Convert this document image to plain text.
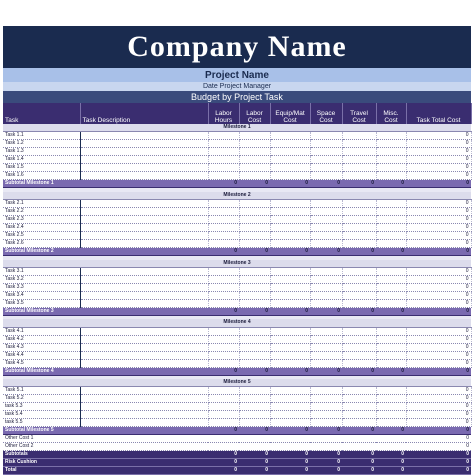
Company Name
Project Name
Date Project Manager
Budget by Project Task
Task	Task Description	Labor Hours	Labor Cost	Equip/Mat Cost	Space Cost	Travel Cost	Misc. Cost	Task Total Cost
Milestone 1								
Task 1.1								0
Task 1.2								0
Task 1.3								0
Task 1.4								0
Task 1.5								0
Task 1.6								0
Subtotal Milestone 1		0	0	0	0	0	0	0

Milestone 2								
Task 2.1								0
Task 2.2								0
Task 2.3								0
Task 2.4								0
Task 2.5								0
Task 2.6								0
Subtotal Milestone 2		0	0	0	0	0	0	0

Milestone 3								
Task 3.1								0
Task 3.2								0
Task 3.3								0
Task 3.4								0
Task 3.5								0
Subtotal Milestone 3		0	0	0	0	0	0	0

Milestone 4								
Task 4.1								0
Task 4.2								0
Task 4.3								0
Task 4.4								0
Task 4.5								0
Subtotal Milestone 4		0	0	0	0	0	0	0

Milestone 5								
Task 5.1								0
Task 5.2								0
task 5.3								0
task 5.4								0
task 5.5								0
Subtotal Milestone 5		0	0	0	0	0	0	0
Other Cost 1								0
Other Cost 2								0
Subtotals		0	0	0	0	0	0	0
Risk Cushion		0	0	0	0	0	0	0
Total		0	0	0	0	0	0	0
